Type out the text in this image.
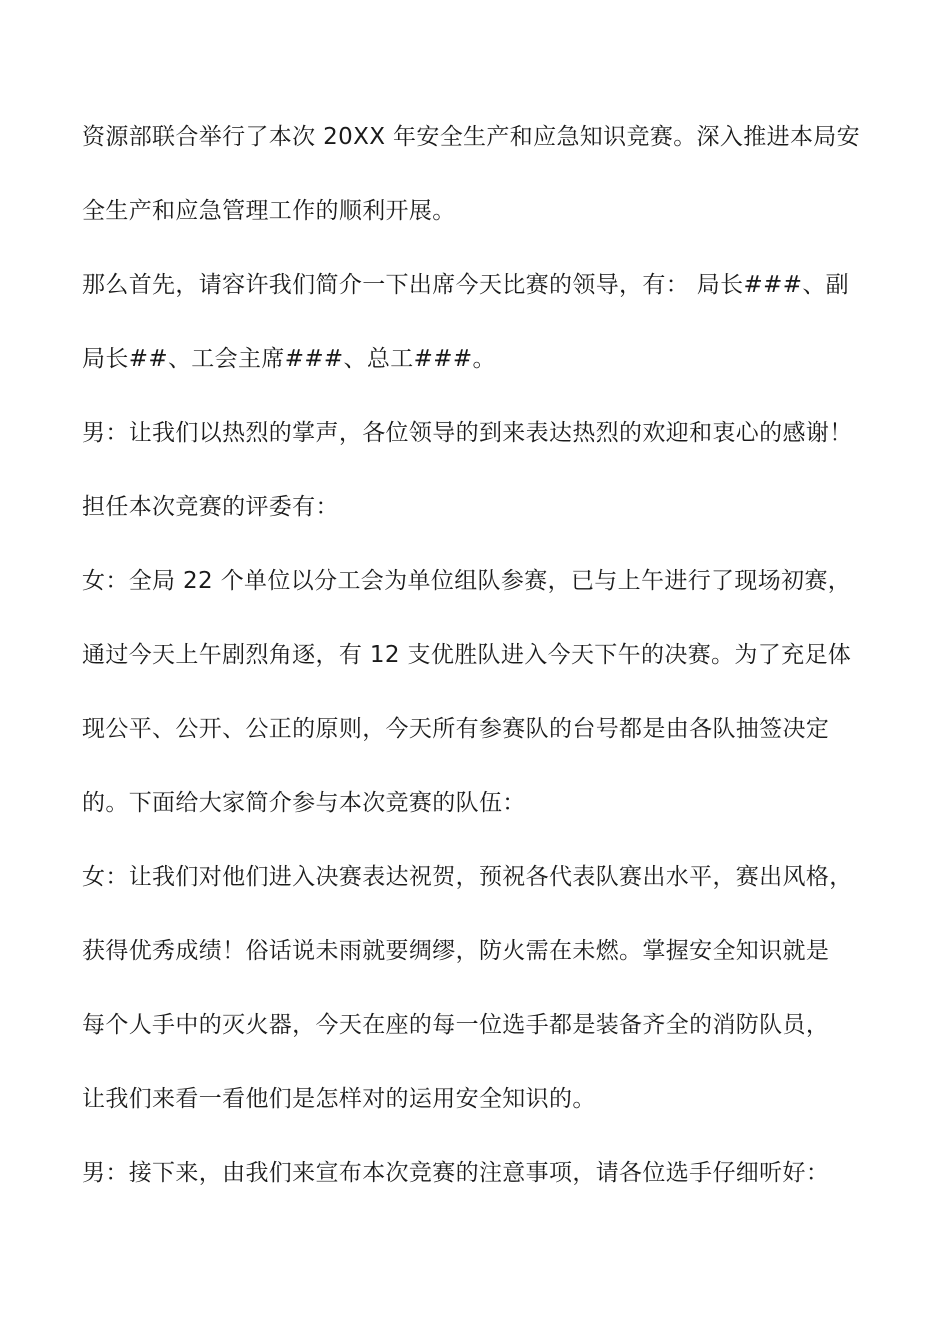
资源部联合举行了本次 20XX 年安全生产和应急知识竞赛。深入推进本局安
全生产和应急管理工作的顺利开展。
那么首先，请容许我们简介一下出席今天比赛的领导，有： 局长###、副
局长##、工会主席###、总工###。
男：让我们以热烈的掌声，各位领导的到来表达热烈的欢迎和衷心的感谢！
担任本次竞赛的评委有：
女：全局 22 个单位以分工会为单位组队参赛，已与上午进行了现场初赛，
通过今天上午剧烈角逐，有 12 支优胜队进入今天下午的决赛。为了充足体
现公平、公开、公正的原则，今天所有参赛队的台号都是由各队抽签决定
的。下面给大家简介参与本次竞赛的队伍：
女：让我们对他们进入决赛表达祝贺，预祝各代表队赛出水平，赛出风格，
获得优秀成绩！俗话说未雨就要绸缪，防火需在未燃。掌握安全知识就是
每个人手中的灭火器，今天在座的每一位选手都是装备齐全的消防队员，
让我们来看一看他们是怎样对的运用安全知识的。
男：接下来，由我们来宣布本次竞赛的注意事项，请各位选手仔细听好：
